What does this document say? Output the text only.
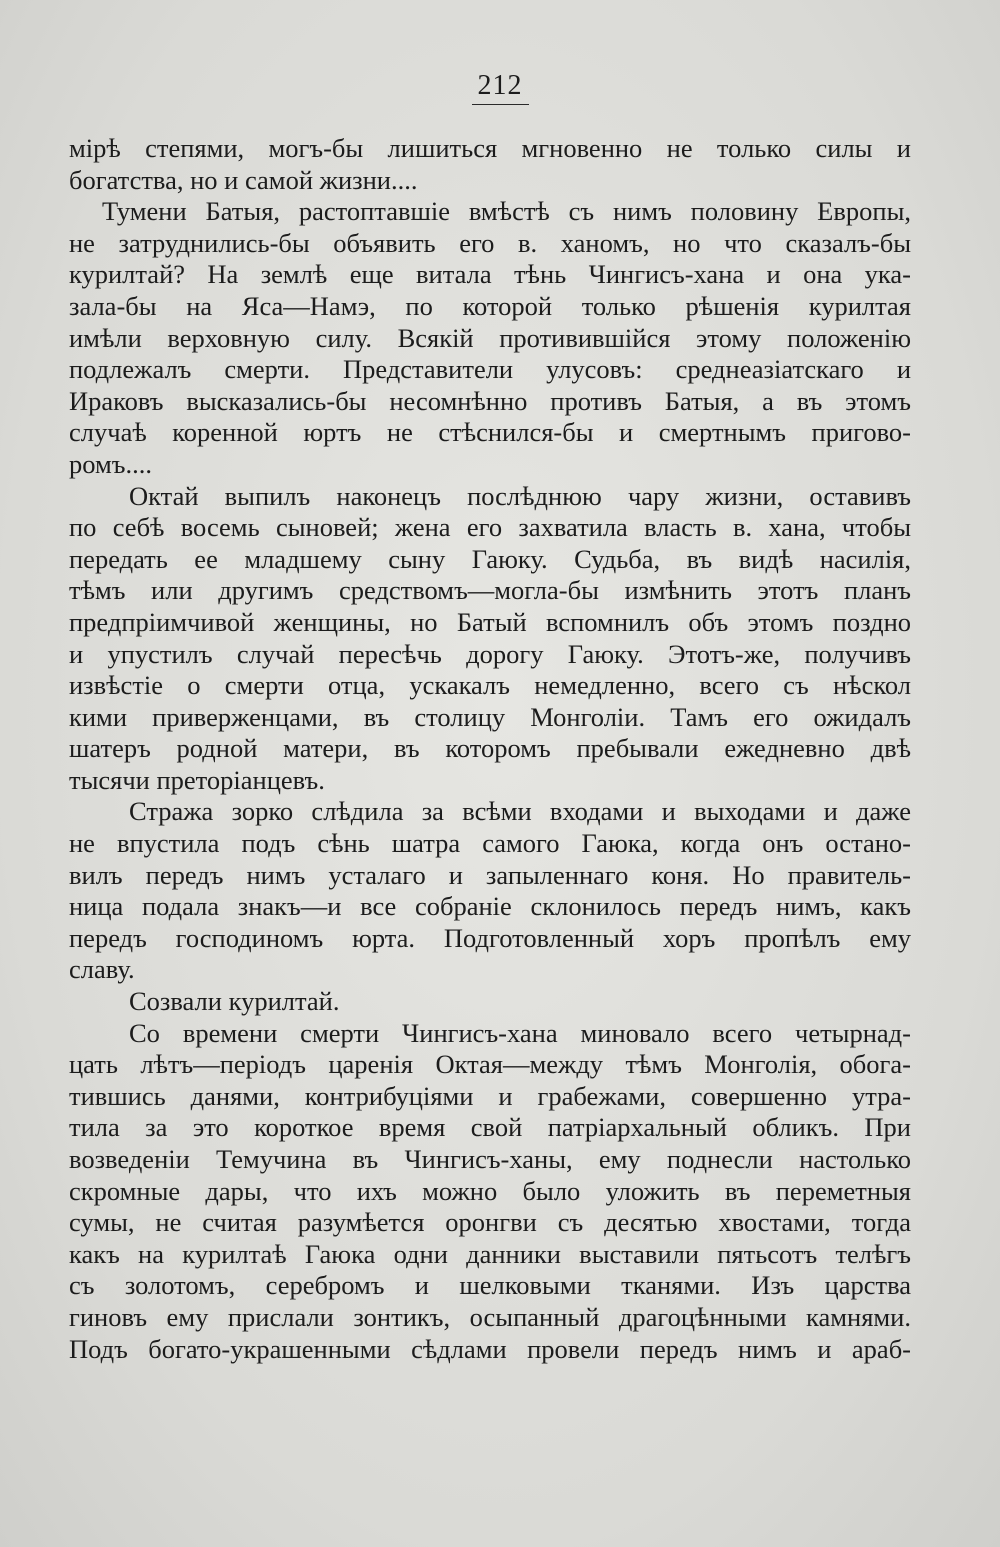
212
мірѣ степями, могъ-бы лишиться мгновенно не только силы и
богатства, но и самой жизни....
Тумени Батыя, растоптавшіе вмѣстѣ съ нимъ половину Европы,
не затруднились-бы объявить его в. ханомъ, но что сказалъ-бы
курилтай? На землѣ еще витала тѣнь Чингисъ-хана и она ука-
зала-бы на Яса—Намэ, по которой только рѣшенія курилтая
имѣли верховную силу. Всякій противившійся этому положенію
подлежалъ смерти. Представители улусовъ: среднеазіатскаго и
Ираковъ высказались-бы несомнѣнно противъ Батыя, а въ этомъ
случаѣ коренной юртъ не стѣснился-бы и смертнымъ пригово-
ромъ....
Октай выпилъ наконецъ послѣднюю чару жизни, оставивъ
по себѣ восемь сыновей; жена его захватила власть в. хана, чтобы
передать ее младшему сыну Гаюку. Судьба, въ видѣ насилія,
тѣмъ или другимъ средствомъ—могла-бы измѣнить этотъ планъ
предпріимчивой женщины, но Батый вспомнилъ объ этомъ поздно
и упустилъ случай пересѣчь дорогу Гаюку. Этотъ-же, получивъ
извѣстіе о смерти отца, ускакалъ немедленно, всего съ нѣскол
кими приверженцами, въ столицу Монголіи. Тамъ его ожидалъ
шатеръ родной матери, въ которомъ пребывали ежедневно двѣ
тысячи преторіанцевъ.
Стража зорко слѣдила за всѣми входами и выходами и даже
не впустила подъ сѣнь шатра самого Гаюка, когда онъ остано-
вилъ передъ нимъ усталаго и запыленнаго коня. Но правитель-
ница подала знакъ—и все собраніе склонилось передъ нимъ, какъ
передъ господиномъ юрта. Подготовленный хоръ пропѣлъ ему
славу.
Созвали курилтай.
Со времени смерти Чингисъ-хана миновало всего четырнад-
цать лѣтъ—періодъ царенія Октая—между тѣмъ Монголія, обога-
тившись данями, контрибуціями и грабежами, совершенно утра-
тила за это короткое время свой патріархальный обликъ. При
возведеніи Темучина въ Чингисъ-ханы, ему поднесли настолько
скромные дары, что ихъ можно было уложить въ переметныя
сумы, не считая разумѣется оронгви съ десятью хвостами, тогда
какъ на курилтаѣ Гаюка одни данники выставили пятьсотъ телѣгъ
съ золотомъ, серебромъ и шелковыми тканями. Изъ царства
гиновъ ему прислали зонтикъ, осыпанный драгоцѣнными камнями.
Подъ богато-украшенными сѣдлами провели передъ нимъ и араб-
